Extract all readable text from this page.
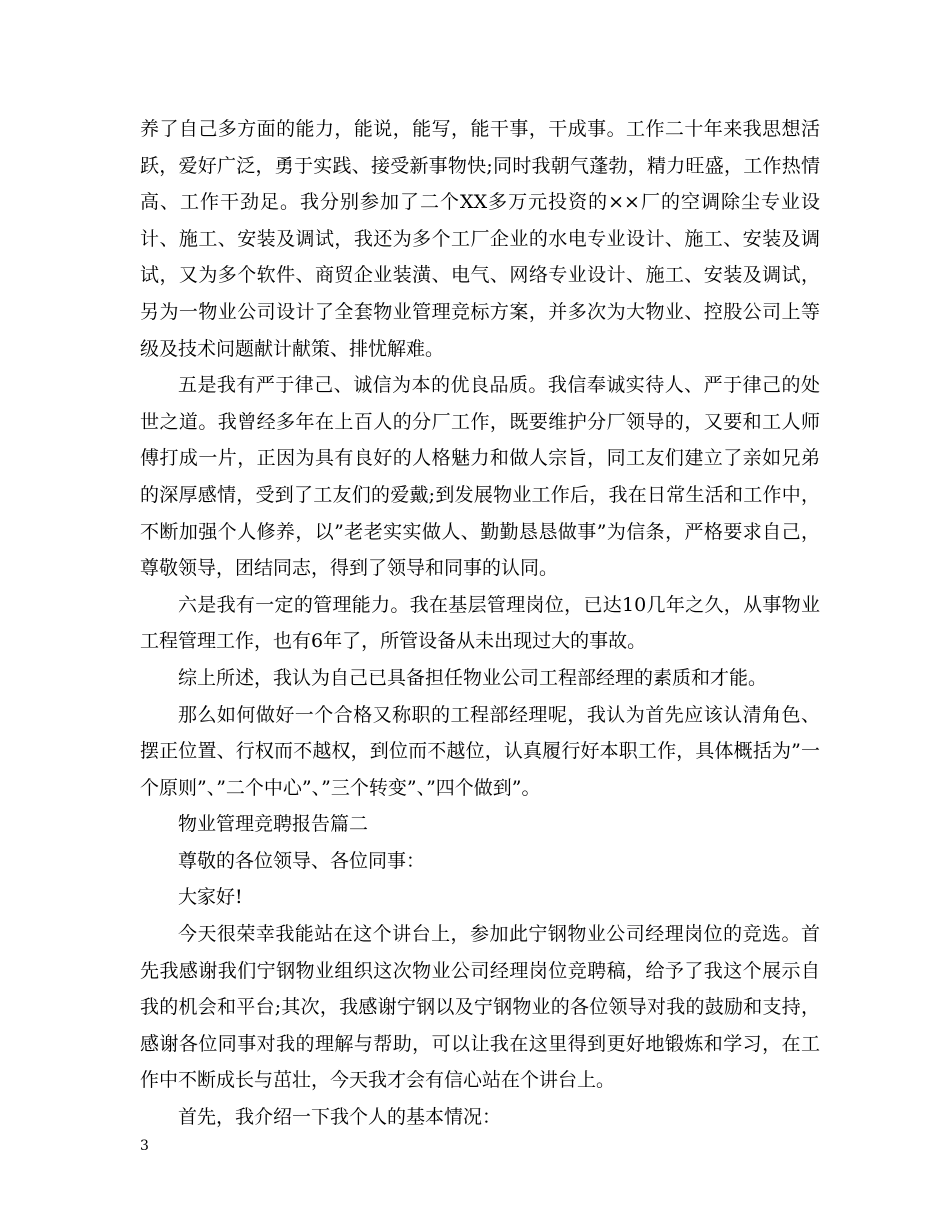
养了自己多方面的能力，能说，能写，能干事，干成事。工作二十年来我思想活跃，爱好广泛，勇于实践、接受新事物快;同时我朝气蓬勃，精力旺盛，工作热情高、工作干劲足。我分别参加了二个XX多万元投资的××厂的空调除尘专业设计、施工、安装及调试，我还为多个工厂企业的水电专业设计、施工、安装及调试，又为多个软件、商贸企业装潢、电气、网络专业设计、施工、安装及调试，另为一物业公司设计了全套物业管理竞标方案，并多次为大物业、控股公司上等级及技术问题献计献策、排忧解难。

五是我有严于律己、诚信为本的优良品质。我信奉诚实待人、严于律己的处世之道。我曾经多年在上百人的分厂工作，既要维护分厂领导的，又要和工人师傅打成一片，正因为具有良好的人格魅力和做人宗旨，同工友们建立了亲如兄弟的深厚感情，受到了工友们的爱戴;到发展物业工作后，我在日常生活和工作中，不断加强个人修养，以”老老实实做人、勤勤恳恳做事”为信条，严格要求自己，尊敬领导，团结同志，得到了领导和同事的认同。

六是我有一定的管理能力。我在基层管理岗位，已达10几年之久，从事物业工程管理工作，也有6年了，所管设备从未出现过大的事故。

综上所述，我认为自己已具备担任物业公司工程部经理的素质和才能。

那么如何做好一个合格又称职的工程部经理呢，我认为首先应该认清角色、摆正位置、行权而不越权，到位而不越位，认真履行好本职工作，具体概括为”一个原则”、”二个中心”、”三个转变”、”四个做到”。

物业管理竞聘报告篇二

尊敬的各位领导、各位同事：

大家好!

今天很荣幸我能站在这个讲台上，参加此宁钢物业公司经理岗位的竞选。首先我感谢我们宁钢物业组织这次物业公司经理岗位竞聘稿，给予了我这个展示自我的机会和平台;其次，我感谢宁钢以及宁钢物业的各位领导对我的鼓励和支持，感谢各位同事对我的理解与帮助，可以让我在这里得到更好地锻炼和学习，在工作中不断成长与茁壮，今天我才会有信心站在个讲台上。

首先，我介绍一下我个人的基本情况：

3
